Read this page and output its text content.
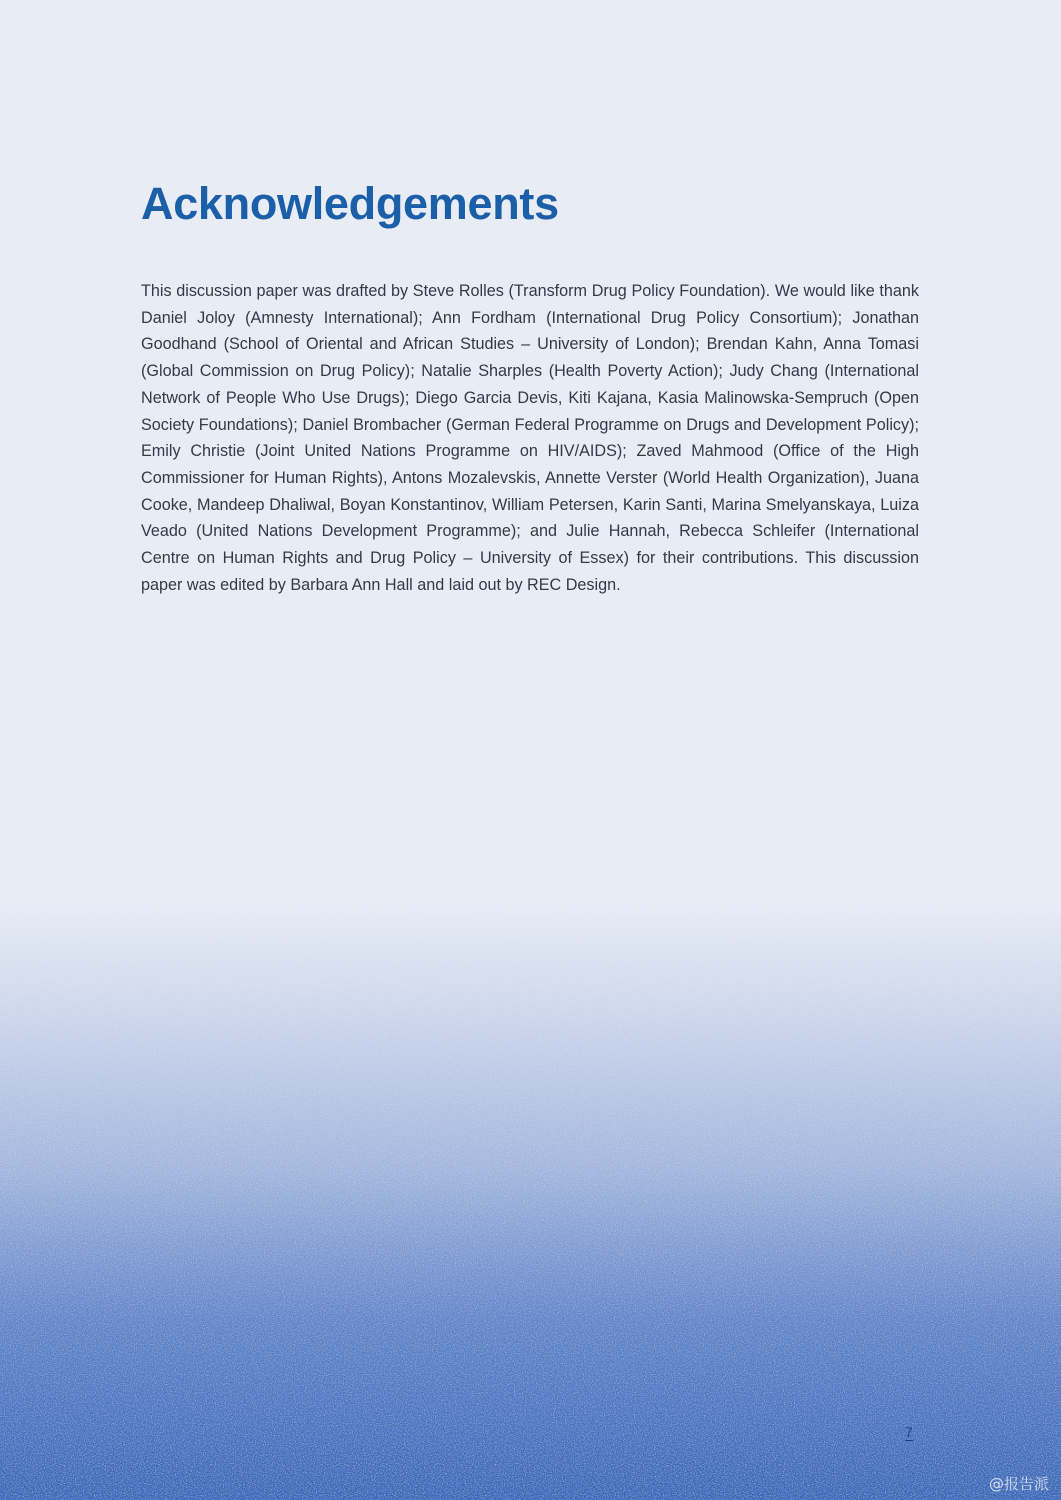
Acknowledgements

This discussion paper was drafted by Steve Rolles (Transform Drug Policy Foundation). We would like thank Daniel Joloy (Amnesty International); Ann Fordham (International Drug Policy Consortium); Jonathan Goodhand (School of Oriental and African Studies – University of London); Brendan Kahn, Anna Tomasi (Global Commission on Drug Policy); Natalie Sharples (Health Poverty Action); Judy Chang (International Network of People Who Use Drugs); Diego Garcia Devis, Kiti Kajana, Kasia Malinowska-Sempruch (Open Society Foundations); Daniel Brombacher (German Federal Programme on Drugs and Development Policy); Emily Christie (Joint United Nations Programme on HIV/AIDS); Zaved Mahmood (Office of the High Commissioner for Human Rights), Antons Mozalevskis, Annette Verster (World Health Organization), Juana Cooke, Mandeep Dhaliwal, Boyan Konstantinov, William Petersen, Karin Santi, Marina Smelyanskaya, Luiza Veado (United Nations Development Programme); and Julie Hannah, Rebecca Schleifer (International Centre on Human Rights and Drug Policy – University of Essex) for their contributions. This discussion paper was edited by Barbara Ann Hall and laid out by REC Design.

7
@报告派
